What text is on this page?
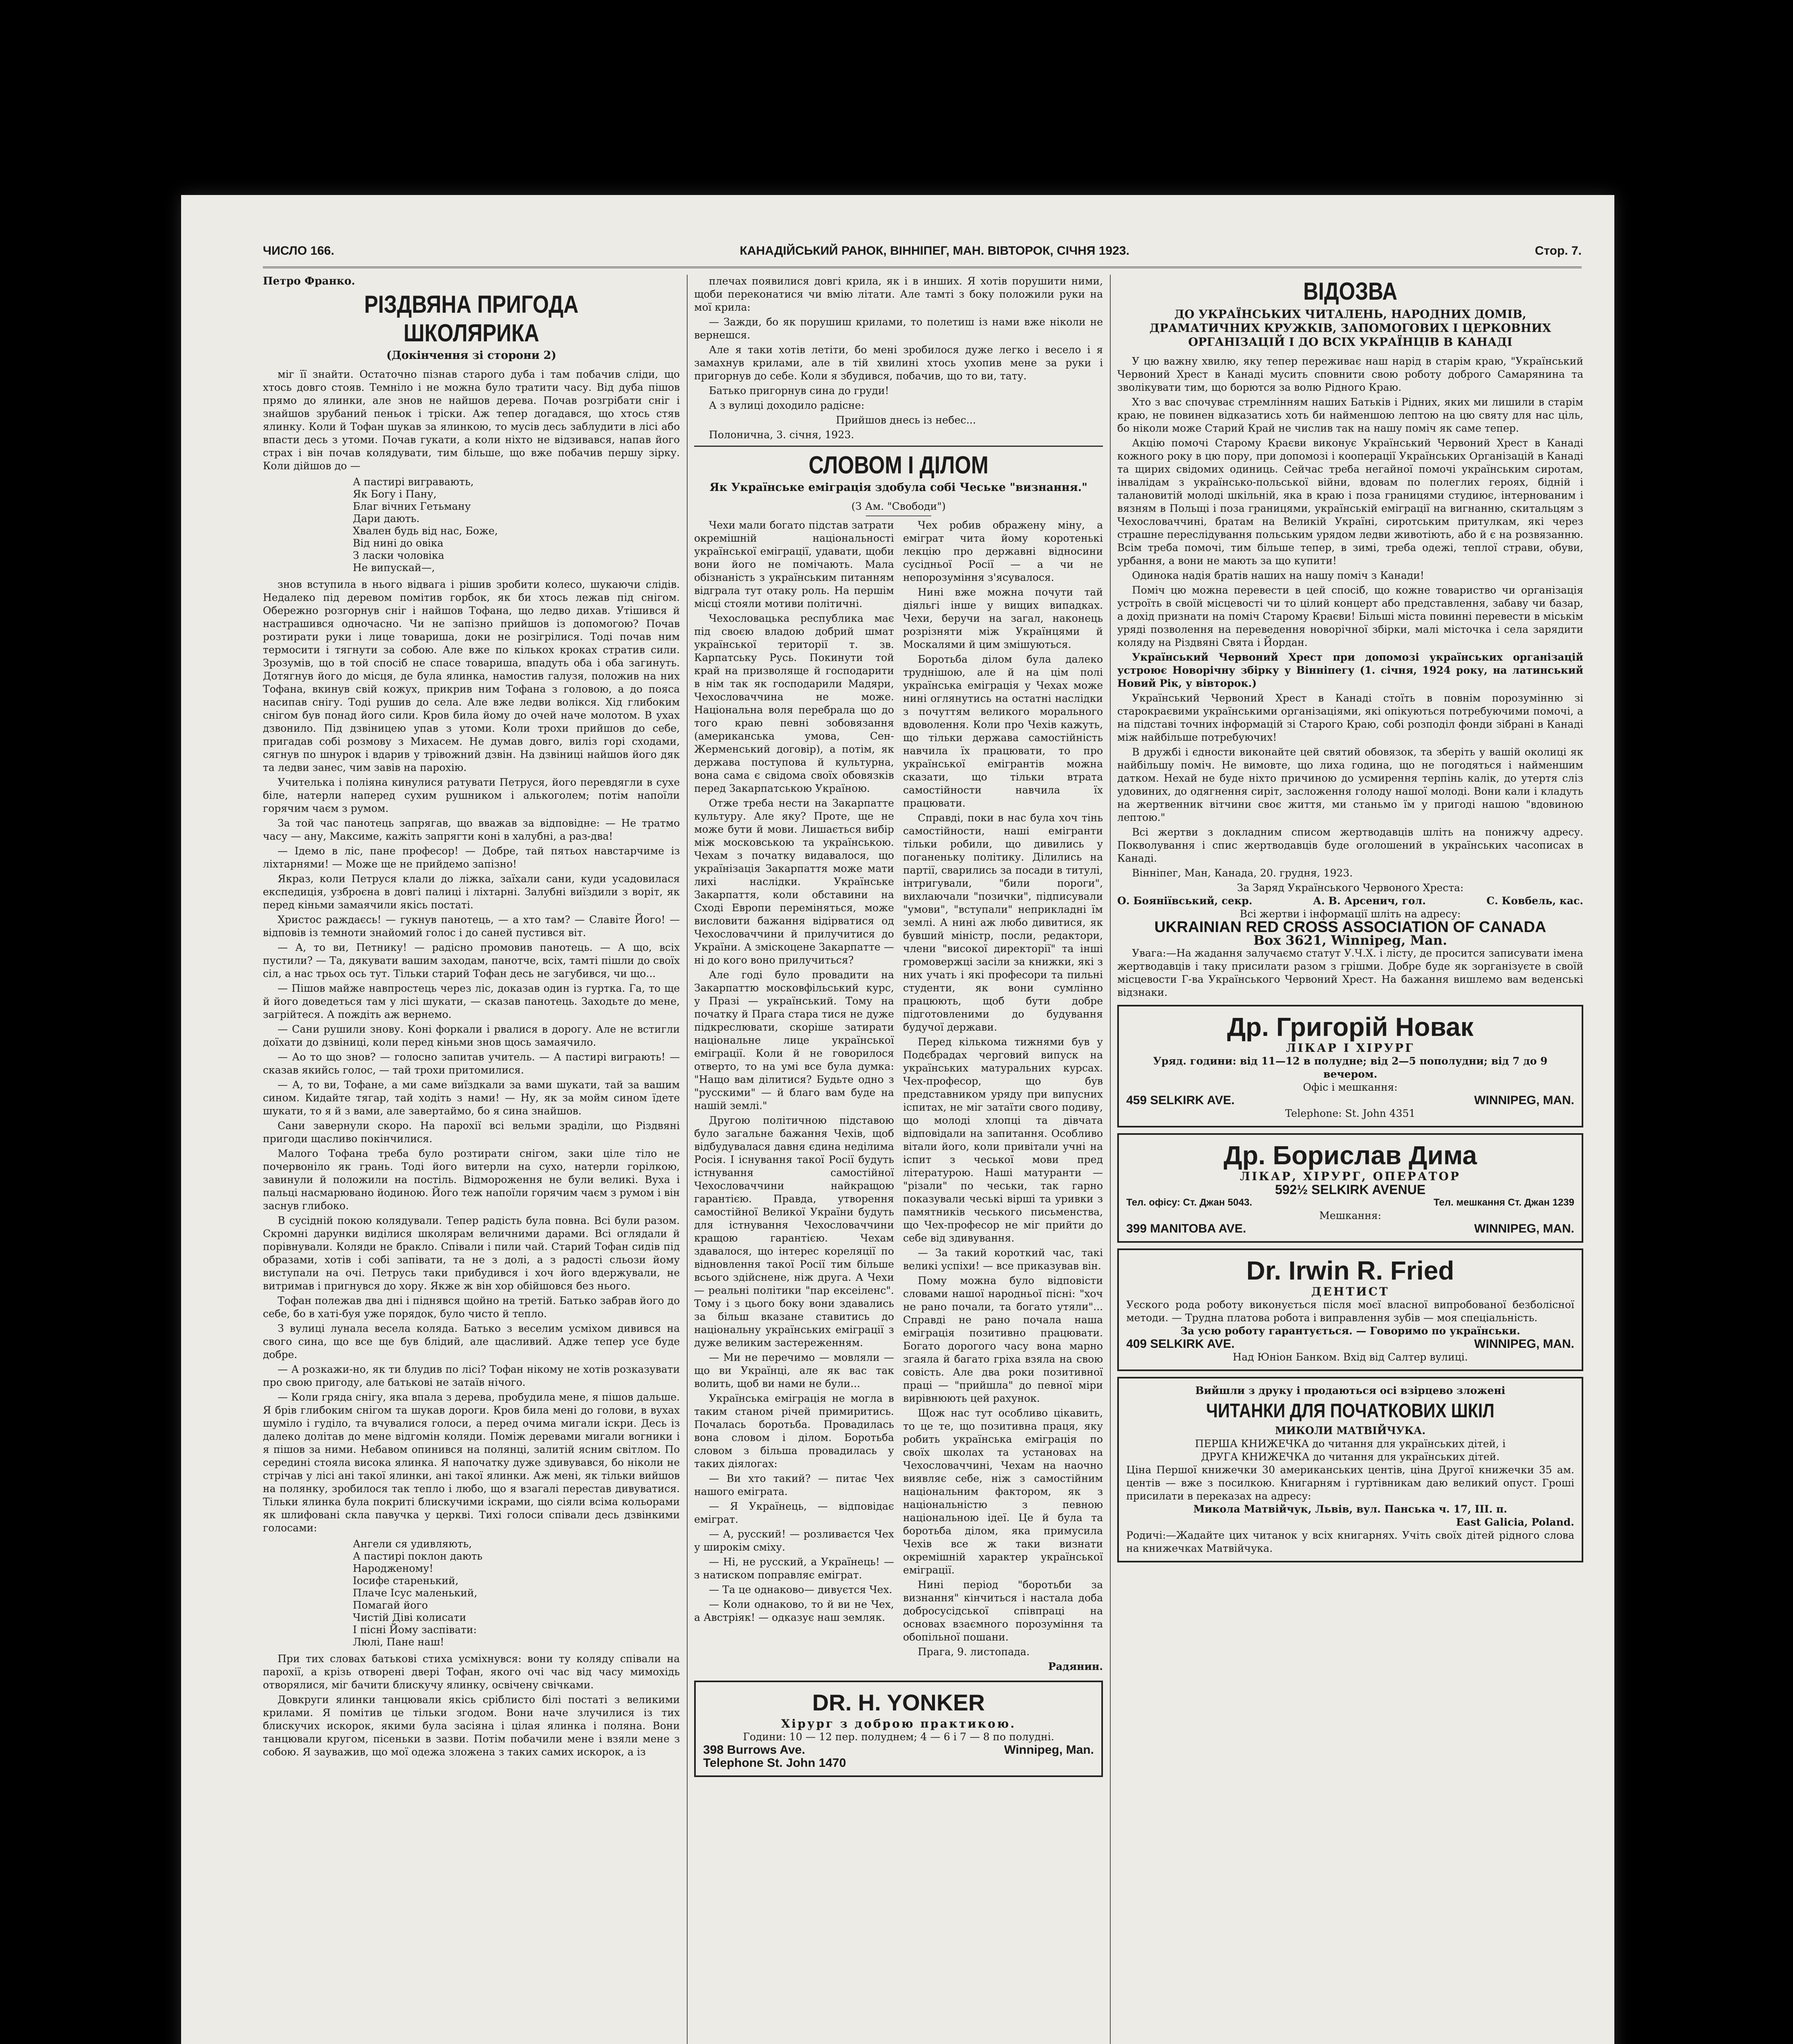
ЧИСЛО 166.	КАНАДІЙСЬКИЙ РАНОК, ВІННІПЕГ, МАН. ВІВТОРОК, СІЧНЯ 1923.	Стор. 7.
Петро Франко.
РІЗДВЯНА ПРИГОДА ШКОЛЯРИКА
(Докінчення зі сторони 2)

міг її знайти. Остаточно пізнав старого дуба і там побачив сліди, що хтось довго стояв. Темніло і не можна було тратити часу. Від дуба пішов прямо до ялинки, але знов не найшов дерева. Почав розгрібати сніг і знайшов зрубаний пеньок і тріски. Аж тепер догадався, що хтось стяв ялинку. Коли й Тофан шукав за ялинкою, то мусів десь заблудити в лісі або впасти десь з утоми. Почав гукати, а коли ніхто не відзивався, напав його страх і він почав колядувати, тим більше, що вже побачив першу зірку. Коли дійшов до —

А пастирі вигравають,
Як Богу і Пану,
Благ вічних Гетьману
Дари дають.
Хвален будь від нас, Боже,
Від нині до овіка
З ласки чоловіка
Не випускай—,

знов вступила в нього відвага і рішив зробити колесо, шукаючи слідів. Недалеко під деревом помітив горбок, як би хтось лежав під снігом. Обережно розгорнув сніг і найшов Тофана, що ледво дихав. Утішився й настрашився одночасно. Чи не запізно прийшов із допомогою? Почав розтирати руки і лице товариша, доки не розігрілися. Тоді почав ним термосити і тягнути за собою. Але вже по кількох кроках стратив сили. Зрозумів, що в той спосіб не спасе товариша, впадуть оба і оба загинуть. Дотягнув його до місця, де була ялинка, намостив галузя, положив на них Тофана, вкинув свій кожух, прикрив ним Тофана з головою, а до пояса насипав снігу. Тоді рушив до села. Але вже ледви волікся. Хід глибоким снігом був понад його сили. Кров била йому до очей наче молотом. В ухах дзвонило. Під дзвіницею упав з утоми. Коли трохи прийшов до себе, пригадав собі розмову з Михасем. Не думав довго, виліз горі сходами, сягнув по шнурок і вдарив у трівожний дзвін. На дзвіниці найшов його дяк та ледви занес, чим завів на парохію.

Учителька і поліяна кинулися ратувати Петруся, його перевдягли в сухе біле, натерли наперед сухим рушником і алькоголем; потім напоїли горячим чаєм з румом.

За той час панотець запрягав, що вважав за відповідне: — Не тратмо часу — ану, Максиме, кажіть запрягти коні в халубні, а раз-два!

— Ідемо в ліс, пане професор! — Добре, тай пятьох навстарчиме із ліхтарнями! — Може ще не прийдемо запізно!

Якраз, коли Петруся клали до ліжка, заїхали сани, куди усадовилася експедиція, узброєна в довгі палиці і ліхтарні. Залубні виїздили з воріт, як перед кіньми замаячили якісь постаті.

Христос раждаєсь! — гукнув панотець, — а хто там? — Славіте Його! — відповів із темноти знайомий голос і до саней пустився віт.

— А, то ви, Петнику! — радісно промовив панотець. — А що, всіх пустили? — Та, дякувати вашим заходам, панотче, всіх, тамті пішли до своїх сіл, а нас трьох ось тут. Тільки старий Тофан десь не загубився, чи що...

— Пішов майже навпростець через ліс, доказав один із гуртка. Га, то ще й його доведеться там у лісі шукати, — сказав панотець. Заходьте до мене, загрійтеся. А пождіть аж вернемо.

— Сани рушили знову. Коні форкали і рвалися в дорогу. Але не встигли доїхати до дзвіниці, коли перед кіньми знов щось замаячило.

— Ао то що знов? — голосно запитав учитель. — А пастирі виграють! — сказав якийсь голос, — тай трохи притомилися.

— А, то ви, Тофане, а ми саме виїздкали за вами шукати, тай за вашим сином. Кидайте тягар, тай ходіть з нами! — Ну, як за мойм сином їдете шукати, то я й з вами, але завертаймо, бо я сина знайшов.

Сани завернули скоро. На парохії всі вельми зраділи, що Різдвяні пригоди щасливо покінчилися.

Малого Тофана треба було розтирати снігом, заки ціле тіло не почервоніло як грань. Тоді його витерли на сухо, натерли горілкою, завинули й положили на постіль. Відмороження не були великі. Вуха і пальці насмарювано йодиною. Його теж напоїли горячим чаєм з румом і він заснув глибоко.

В сусідній покою колядували. Тепер радість була повна. Всі були разом. Скромні дарунки виділися школярам величними дарами. Всі оглядали й порівнували. Коляди не бракло. Співали і пили чай. Старий Тофан сидів під образами, хотів і собі запівати, та не з долі, а з радості сльози йому виступали на очі. Петрусь таки прибудився і хоч його вдержували, не витримав і пригнувся до хору. Якже ж він хор обійшовся без нього.

Тофан полежав два дні і піднявся щойно на третій. Батько забрав його до себе, бо в хаті-буя уже порядок, було чисто й тепло.

З вулиці лунала весела коляда. Батько з веселим усміхом дивився на свого сина, що все ще був блідий, але щасливий. Адже тепер усе буде добре.

— А розкажи-но, як ти блудив по лісі? Тофан нікому не хотів розказувати про свою пригоду, але батькові не затаїв нічого.

— Коли гряда снігу, яка впала з дерева, пробудила мене, я пішов дальше. Я брів глибоким снігом та шукав дороги. Кров била мені до голови, в вухах шуміло і гуділо, та вчувалися голоси, а перед очима мигали іскри. Десь із далеко долітав до мене відгомін коляди. Поміж деревами мигали вогники і я пішов за ними. Небавом опинився на полянці, залитій ясним світлом. По середині стояла висока ялинка. Я напочатку дуже здивувався, бо ніколи не стрічав у лісі ані такої ялинки, ані такої ялинки. Аж мені, як тільки вийшов на полянку, зробилося так тепло і любо, що я взагалі перестав дивуватися. Тільки ялинка була покриті блискучими іскрами, що сіяли всіма кольорами як шлифовані скла павучка у церкві. Тихі голоси співали десь дзвінкими голосами:

Ангели ся удивляють,
А пастирі поклон дають
Народженому!
Іосифе старенький,
Плаче Ісус маленький,
Помагай його
Чистій Діві колисати
І пісні Йому заспівати:
Люлі, Пане наш!

При тих словах батькові стиха усміхнувся: вони ту коляду співали на парохії, а крізь отворені двері Тофан, якого очі час від часу мимохідь отворялися, міг бачити блискучу ялинку, освічену свічками.

Довкруги ялинки танцювали якісь сріблисто білі постаті з великими крилами. Я помітив це тільки згодом. Вони наче злучилися із тих блискучих искорок, якими була засіяна і цілая ялинка і поляна. Вони танцювали кругом, пісеньки в зазви. Потім побачили мене і взяли мене з собою. Я зауважив, що мої одежа зложена з таких самих искорок, а із

плечах появилися довгі крила, як і в инших. Я хотів порушити ними, щоби переконатися чи вмію літати. Але тамті з боку положили руки на мої крила:

— Зажди, бо як порушиш крилами, то полетиш із нами вже ніколи не вернешся.

Але я таки хотів летіти, бо мені зробилося дуже легко і весело і я замахнув крилами, але в тій хвилині хтось ухопив мене за руки і пригорнув до себе. Коли я збудився, побачив, що то ви, тату.

Батько пригорнув сина до груди!

А з вулиці доходило радісне:

Прийшов днесь із небес...

Полонична, 3. січня, 1923.

СЛОВОМ І ДІЛОМ
Як Українське еміграція здобула собі Чеське "визнання."
(З Ам. "Свободи")

Чехи мали богато підстав затрати окремішній національності української еміграції, удавати, щоби вони його не помічають. Мала обізнаність з українським питанням відграла тут отаку роль. На першім місці стояли мотиви політичні.

Чехословацька республика має під своєю владою добрий шмат української території т. зв. Карпатську Русь. Покинути той край на призволяще й господарити в нім так як господарили Мадяри, Чехословаччина не може. Національна воля перебрала що до того краю певні зобовязання (американська умова, Сен-Жерменський договір), а потім, як держава поступова й культурна, вона сама є свідома своїх обовязків перед Закарпатською Україною.

Отже треба нести на Закарпатте культуру. Але яку? Проте, ще не може бути й мови. Лишається вибір між московською та українською. Чехам з початку видавалося, що українізація Закарпаття може мати лихі наслідки. Українське Закарпаття, коли обставини на Сході Европи переміняться, може висловити бажання відірватися од Чехословаччини й прилучитися до України. А зміскоцене Закарпатте — ні до кого воно прилучиться?

Але годі було провадити на Закарпаттю московфільський курс, у Празі — український. Тому на початку й Прага стара тися не дуже підкреслювати, скоріше затирати національне лице української еміграції. Коли й не говорилося отверто, то на умі все була думка: "Нащо вам ділитися? Будьте одно з "русскими" — й благо вам буде на нашій землі."

Другою політичною підставою було загальне бажання Чехів, щоб відбудувалася давня єдина неділима Росія. І існування такої Росії будуть істнування самостійної Чехословаччини найкращою гарантією. Правда, утворення самостійної Великої України будуть для істнування Чехословаччини кращою гарантією. Чехам здавалося, що інтерес кореляції по відновлення такої Росії тим більше всього здійснене, ніж друга. А Чехи — реальні політики "пар ексеіленс". Тому і з цього боку вони здавались за більш вказане ставитись до національну українських еміграції з дуже великим застереженням.

— Ми не перечимо — мовляли — що ви Українці, але як вас так волить, щоб ви нами не були...

Українська еміграція не могла в таким станом річей примиритись. Почалась боротьба. Провадилась вона словом і ділом. Боротьба словом з більша провадилась у таких діялогах:

— Ви хто такий? — питає Чех нашого еміграта.

— Я Українець, — відповідає еміграт.

— А, русский! — розливаєтся Чех у широкім сміху.

— Ні, не русский, а Українець! — з натиском поправляє еміграт.

— Та це однаково— дивуєтся Чех.

— Коли однаково, то й ви не Чех, а Австріяк! — одказує наш земляк.

Чех робив ображену міну, а еміграт чита йому коротенькі лекцію про державні відносини сусідньої Росії — а чи не непорозуміння з'ясувалося.

Нині вже можна почути тай діяльгі інше у вищих випадках. Чехи, беручи на загал, наконець розрізняти між Українцями й Москалями й цим змішуються.

Боротьба ділом була далеко труднішою, але й на цім полі українська еміграція у Чехах може нині оглянутись на остатні наслідки з почуттям великого морального вдоволення. Коли про Чехів кажуть, що тільки держава самостійність навчила їх працювати, то про української емігрантів можна сказати, що тільки втрата самостійности навчила їх працювати.

Справді, поки в нас була хоч тінь самостійности, наші емігранти тільки робили, що дивились у поганеньку політику. Ділились на партії, сварились за посади в титулі, інтригували, "били пороги", вихлаючали "позички", підписували "умови", "вступали" неприкладні їм землі. А нині аж любо дивитися, як бувший міністр, посли, редактори, члени "високої директорії" та інші громовержці засіли за книжки, які з них учать і які професори та пильні студенти, як вони сумлінно працюють, щоб бути добре підготовленими до будування будучої держави.

Перед кількома тижнями був у Подєбрадах черговий випуск на українських матуральних курсах. Чех-професор, що був представником уряду при випусних іспитах, не міг затаїти свого подиву, що молоді хлопці та дівчата відповідали на запитання. Особливо вітали його, коли привітали учні на іспит з чеської мови пред літературою. Наші матуранти — "різали" по чеськи, так гарно показували чеські вірші та уривки з памятників чеського письменства, що Чех-професор не міг прийти до себе від здивування.

— За такий короткий час, такі великі успіхи! — все приказував він.

Пому можна було відповісти словами нашої народньої пісні: "хоч не рано почали, та богато утяли"... Справді не рано почала наша еміграція позитивно працювати. Богато дорогого часу вона марно згаяла й багато гріха взяла на свою совість. Але два роки позитивної праці — "прийшла" до певної міри вирівнюють цей рахунок.

Щож нас тут особливо цікавить, то це те, що позитивна праця, яку робить українська еміграція по своїх школах та установах на Чехословаччині, Чехам на наочно виявляє себе, ніж з самостійним національним фактором, як з національністю з певною національною ідеї. Це й була та боротьба ділом, яка примусила Чехів все ж таки визнати окремішній характер української еміграції.

Нині період "боротьби за визнання" кінчиться і настала доба добросусідської співпраці на основах взаємного порозуміння та обопільної пошани.

Прага, 9. листопада.

Радянин.

DR. H. YONKER
Хірург з доброю практикою.
Години: 10 — 12 пер. полуднем; 4 — 6 і 7 — 8 по полудні.
398 Burrows Ave.	Winnipeg, Man.
Telephone St. John 1470
ВІДОЗВА
ДО УКРАЇНСЬКИХ ЧИТАЛЕНЬ, НАРОДНИХ ДОМІВ, ДРАМАТИЧНИХ КРУЖКІВ, ЗАПОМОГОВИХ І ЦЕРКОВНИХ ОРГАНІЗАЦІЙ І ДО ВСІХ УКРАЇНЦІВ В КАНАДІ

У цю важну хвилю, яку тепер переживає наш нарід в старім краю, "Український Червоний Хрест в Канаді мусить сповнити свою роботу доброго Самарянина та зволікувати тим, що борются за волю Рідного Краю.

Хто з вас спочуває стремлінням наших Батьків і Рідних, яких ми лишили в старім краю, не повинен відказатись хоть би найменшою лептою на цю святу для нас ціль, бо ніколи може Старий Край не числив так на нашу поміч як саме тепер.

Акцію помочі Старому Краєви виконує Український Червоний Хрест в Канаді кожного року в цю пору, при допомозі і кооперації Українських Організацій в Канаді та щирих свідомих одиниць. Сейчас треба негайної помочі українським сиротам, інвалідам з українсько-польської війни, вдовам по полеглих героях, бідній і талановитій молоді шкільній, яка в краю і поза границями студиює, інтернованим і вязням в Польщі і поза границями, українській еміграції на вигнанню, скитальцям з Чехословаччині, братам на Великій Україні, сиротським притулкам, які через страшне переслідування польським урядом ледви животіють, або й є на розвязанню. Всім треба помочі, тим більше тепер, в зимі, треба одежі, теплої страви, обуви, урбання, а вони не мають за що купити!

Одинока надія братів наших на нашу поміч з Канади!

Поміч цю можна перевести в цей спосіб, що кожне товариство чи організація устроїть в своїй місцевості чи то цілий концерт або представлення, забаву чи базар, а дохід признати на поміч Старому Краєви! Більші міста повинні перевести в міськім уряді позволення на переведення новорічної збірки, малі місточка і села зарядити коляду на Різдвяні Свята і Йордан.

Український Червоний Хрест при допомозі українських організацій устроює Новорічну збірку у Вінніпегу (1. січня, 1924 року, на латинський Новий Рік, у вівторок.)

Український Червоний Хрест в Канаді стоїть в повнім порозумінню зі старокраєвими українськими організаціями, які опікуються потребуючими помочі, а на підставі точних інформацій зі Старого Краю, собі розподіл фонди зібрані в Канаді між найбільше потребуючих!

В дружбі і єдности виконайте цей святий обовязок, та зберіть у вашій околиці як найбільшу поміч. Не вимовте, що лиха година, що не погодяться і найменшим датком. Нехай не буде ніхто причиною до усмирення терпінь калік, до утертя сліз удовиних, до одягнення сиріт, засложення голоду нашої молоді. Вони кали і кладуть на жертвенник вітчини своє життя, ми станьмо їм у пригоді нашою "вдовиною лептою."

Всі жертви з докладним списом жертводавців шліть на понижчу адресу. Покволування і спис жертводавців буде оголошений в українських часописах в Канаді.

Вінніпег, Ман, Канада, 20. грудня, 1923.

За Заряд Українського Червоного Хреста:
О. Бояніївський, секр.	А. В. Арсенич, гол.	С. Ковбель, кас.
Всі жертви і інформації шліть на адресу:
UKRAINIAN RED CROSS ASSOCIATION OF CANADA
Box 3621, Winnipeg, Man.

Увага:—На жадання залучаємо статут У.Ч.Х. і лісту, де просится записувати імена жертводавців і таку присилати разом з грішми. Добре буде як зорганізуєте в своїй місцевости Г-ва Українського Червоний Хрест. На бажання вишлемо вам веденські відзнаки.

Др. Григорій Новак
ЛІКАР І ХІРУРГ
Уряд. години: від 11—12 в полудне; від 2—5 пополудни; від 7 до 9 вечером.
Офіс і мешкання:
459 SELKIRK AVE.	WINNIPEG, MAN.
Telephone: St. John 4351
Др. Борислав Дима
ЛІКАР, ХІРУРГ, ОПЕРАТОР
592½ SELKIRK AVENUE
Тел. офісу: Ст. Джан 5043.	Тел. мешкання Ст. Джан 1239
Мешкання:
399 MANITOBA AVE.	WINNIPEG, MAN.
Dr. Irwin R. Fried
ДЕНТИСТ
Уєского рода роботу виконується після моєї власної випробованої безболісної методи. — Трудна платова робота і виправлення зубів — моя спеціальність.
За усю роботу гарантується. — Говоримо по українськи.
409 SELKIRK AVE.	WINNIPEG, MAN.
Над Юніон Банком. Вхід від Салтер вулиці.
Вийшли з друку і продаються осі взірцево зложені
ЧИТАНКИ ДЛЯ ПОЧАТКОВИХ ШКІЛ
МИКОЛИ МАТВІЙЧУКА.
ПЕРША КНИЖЕЧКА до читання для українських дітей, і
ДРУГА КНИЖЕЧКА до читання для українських дітей.
Ціна Першої книжечки 30 американських центів, ціна Другої книжечки 35 ам. центів — вже з посилкою. Книгарням і гуртівникам даю великий опуст. Гроші присилати в переказах на адресу:
Микола Матвійчук, Львів, вул. Панська ч. 17, III. п.
East Galicia, Poland.
Родичі:—Жадайте цих читанок у всіх книгарнях. Учіть своїх дітей рідного слова на книжечках Матвійчука.
